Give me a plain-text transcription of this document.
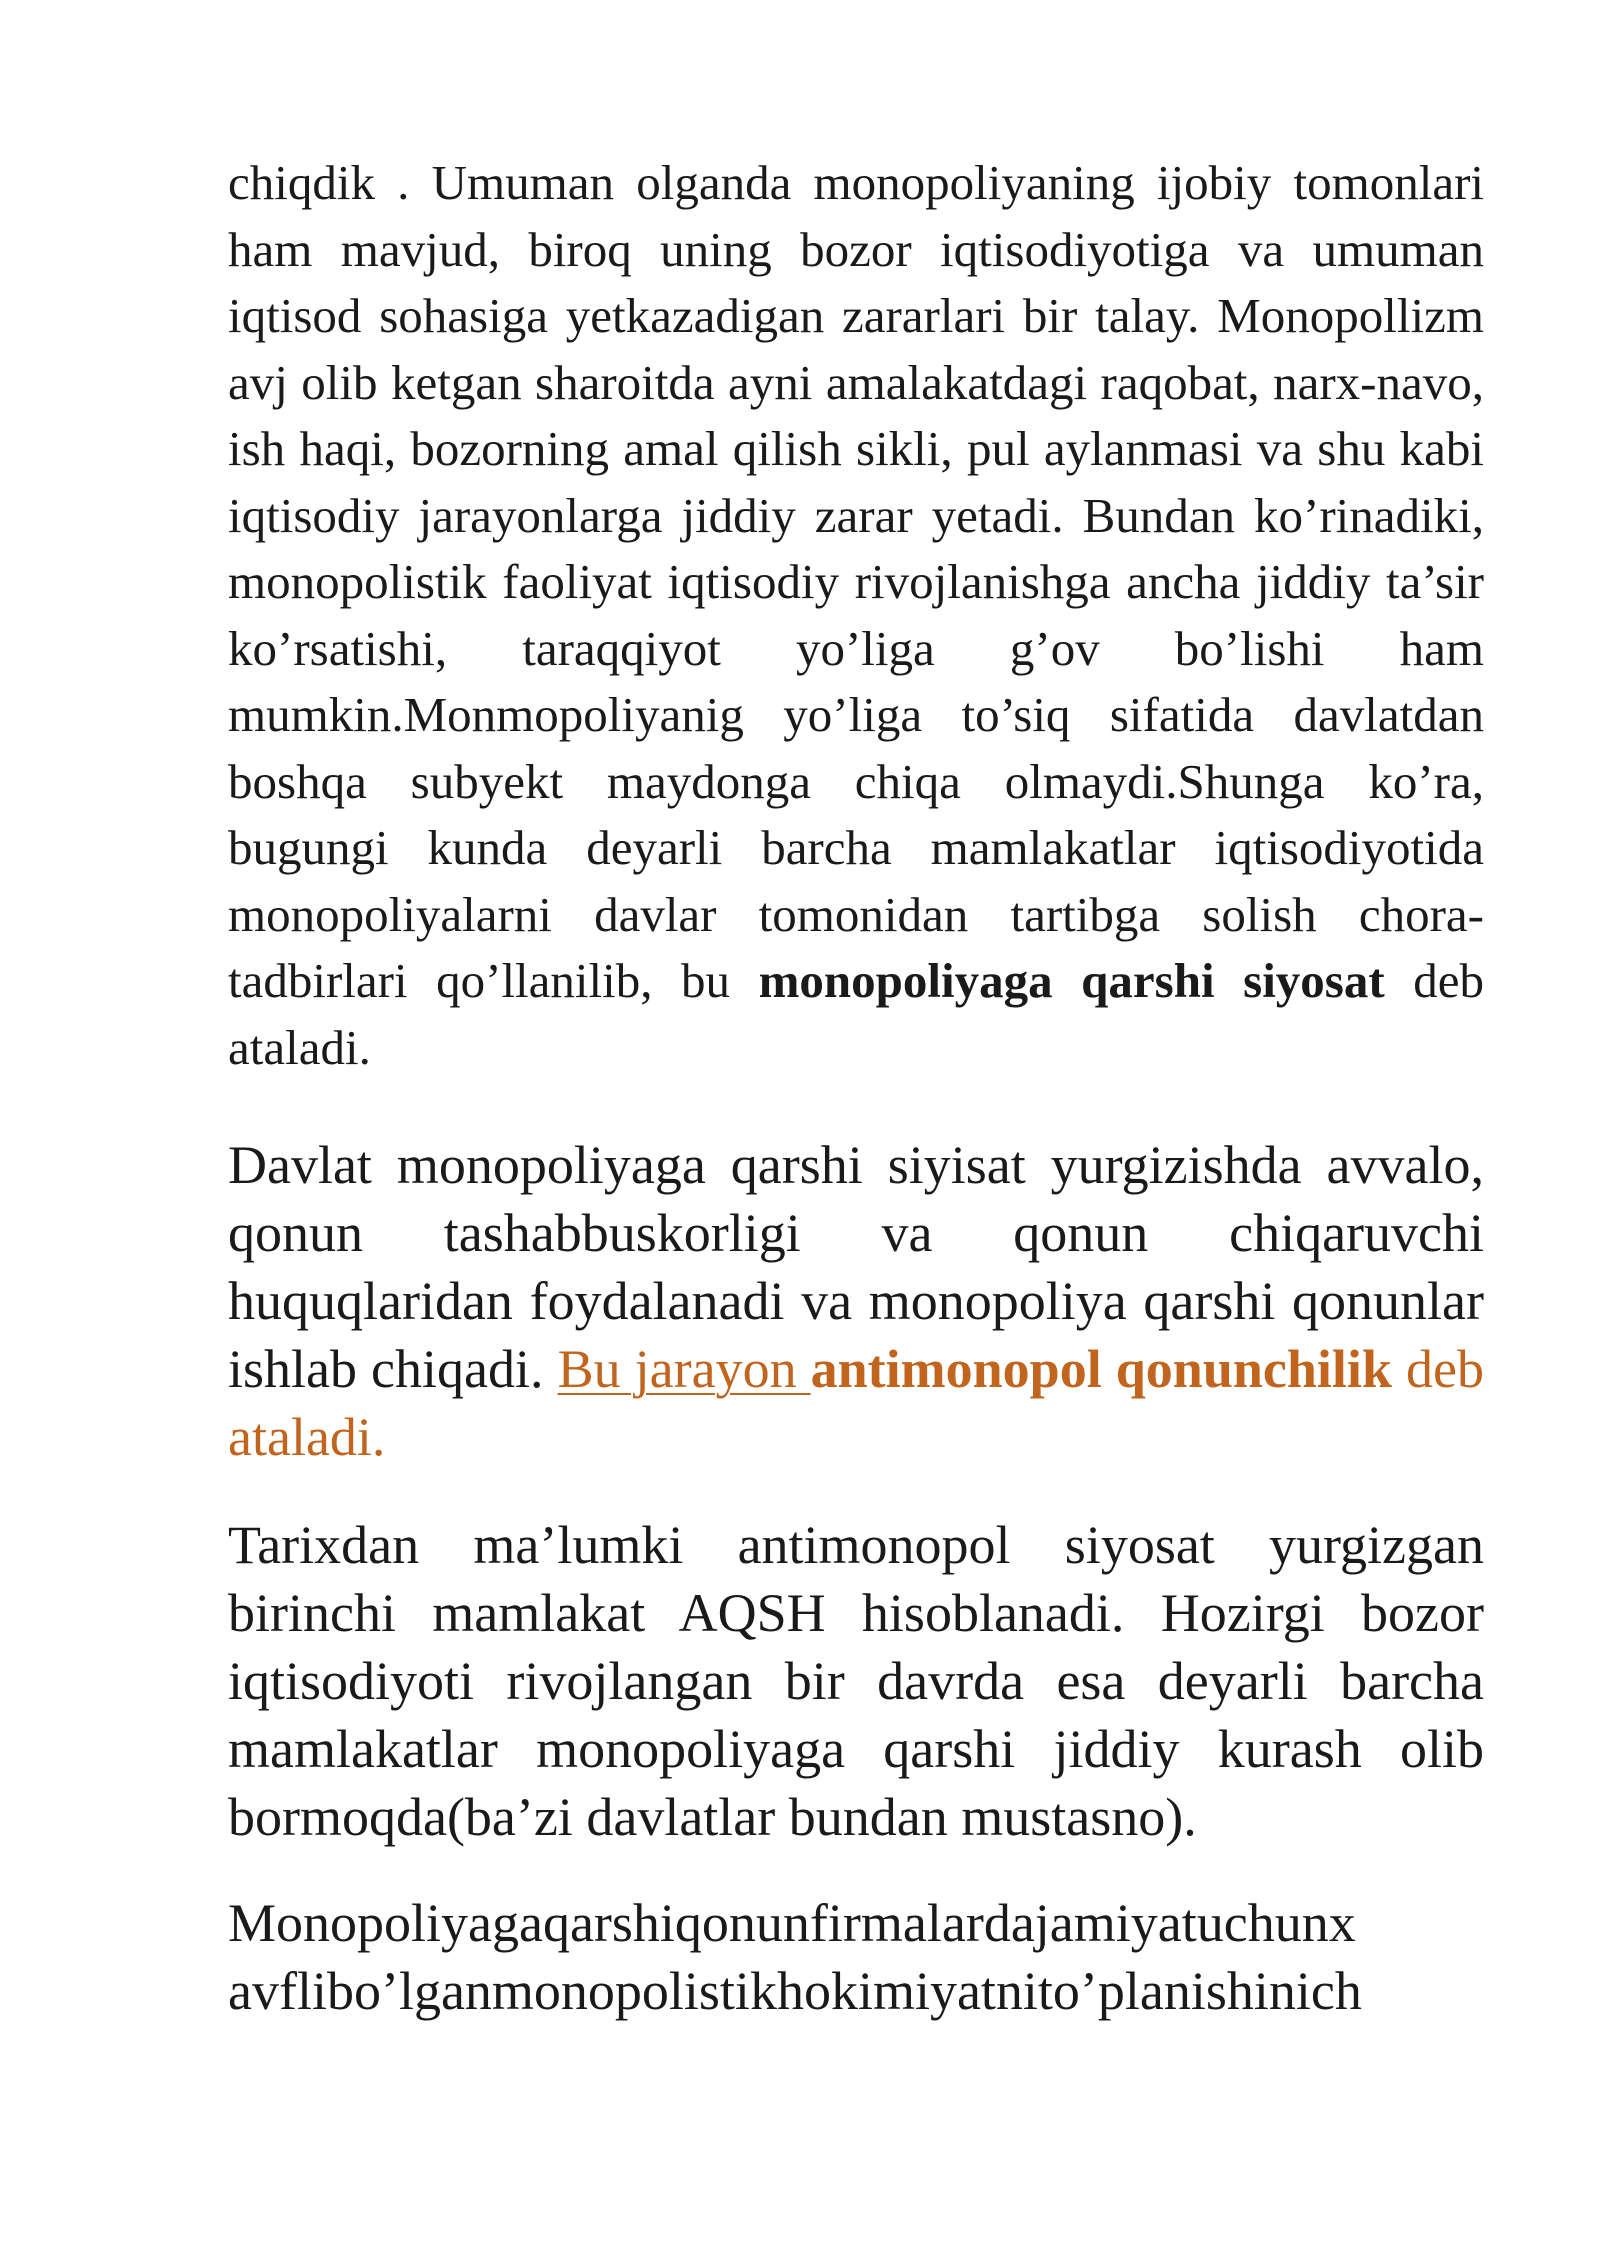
chiqdik . Umuman olganda monopoliyaning ijobiy tomonlari ham mavjud, biroq uning bozor iqtisodiyotiga va umuman iqtisod sohasiga yetkazadigan zararlari bir talay. Monopollizm avj olib ketgan sharoitda ayni amalakatdagi raqobat, narx-navo, ish haqi, bozorning amal qilish sikli, pul aylanmasi va shu kabi iqtisodiy jarayonlarga jiddiy zarar yetadi. Bundan ko’rinadiki, monopolistik faoliyat iqtisodiy rivojlanishga ancha jiddiy ta’sir ko’rsatishi, taraqqiyot yo’liga g’ov bo’lishi ham mumkin.Monmopoliyanig yo’liga to’siq sifatida davlatdan boshqa subyekt maydonga chiqa olmaydi.Shunga ko’ra, bugungi kunda deyarli barcha mamlakatlar iqtisodiyotida monopoliyalarni davlar tomonidan tartibga solish chora-tadbirlari qo’llanilib, bu monopoliyaga qarshi siyosat deb ataladi.

Davlat monopoliyaga qarshi siyisat yurgizishda avvalo, qonun tashabbuskorligi va qonun chiqaruvchi huquqlaridan foydalanadi va monopoliya qarshi qonunlar ishlab chiqadi. Bu jarayon antimonopol qonunchilik deb ataladi.

Tarixdan ma’lumki antimonopol siyosat yurgizgan birinchi mamlakat AQSH hisoblanadi. Hozirgi bozor iqtisodiyoti rivojlangan bir davrda esa deyarli barcha mamlakatlar monopoliyaga qarshi jiddiy kurash olib bormoqda(ba’zi davlatlar bundan mustasno).

Monopoliyagaqarshiqonunfirmalardajamiyatuchunx
avflibo’lganmonopolistikhokimiyatnito’planishinich
